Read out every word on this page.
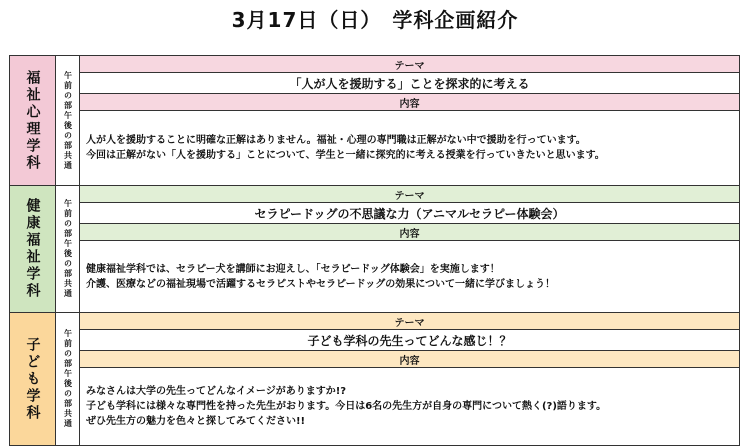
3月17日（日）　学科企画紹介
福祉心理学科	午前の部午後の部共通
テーマ
「人が人を援助する」ことを探求的に考える
内容
人が人を援助することに明確な正解はありません。福祉・心理の専門職は正解がない中で援助を行っています。
今回は正解がない「人を援助する」ことについて、学生と一緒に探究的に考える授業を行っていきたいと思います。
健康福祉学科	午前の部午後の部共通
テーマ
セラピードッグの不思議な力（アニマルセラピー体験会）
内容
健康福祉学科では、セラピー犬を講師にお迎えし、「セラピードッグ体験会」を実施します！
介護、医療などの福祉現場で活躍するセラピストやセラピードッグの効果について一緒に学びましょう！
子ども学科	午前の部午後の部共通
テーマ
子ども学科の先生ってどんな感じ！？
内容
みなさんは大学の先生ってどんなイメージがありますか!?
子ども学科には様々な専門性を持った先生がおります。今日は6名の先生方が自身の専門について熱く(?)語ります。
ぜひ先生方の魅力を色々と探してみてください!!
